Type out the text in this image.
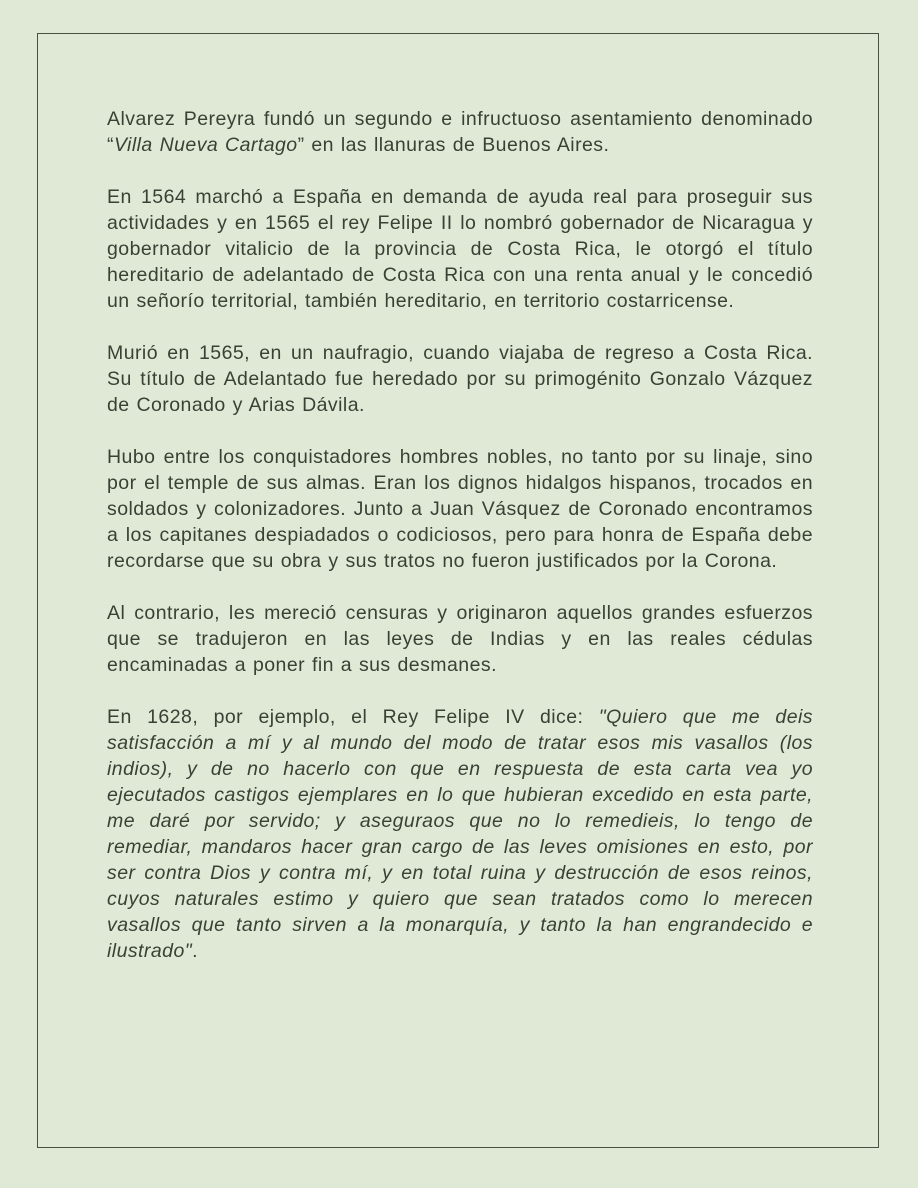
Alvarez Pereyra fundó un segundo e infructuoso asentamiento denominado “Villa Nueva Cartago” en las llanuras de Buenos Aires.

En 1564 marchó a España en demanda de ayuda real para proseguir sus actividades y en 1565 el rey Felipe II lo nombró gobernador de Nicaragua y gobernador vitalicio de la provincia de Costa Rica, le otorgó el título hereditario de adelantado de Costa Rica con una renta anual y le concedió un señorío territorial, también hereditario, en territorio costarricense.

Murió en 1565, en un naufragio, cuando viajaba de regreso a Costa Rica. Su título de Adelantado fue heredado por su primogénito Gonzalo Vázquez de Coronado y Arias Dávila.

Hubo entre los conquistadores hombres nobles, no tanto por su linaje, sino por el temple de sus almas. Eran los dignos hidalgos hispanos, trocados en soldados y colonizadores. Junto a Juan Vásquez de Coronado encontramos a los capitanes despiadados o codiciosos, pero para honra de España debe recordarse que su obra y sus tratos no fueron justificados por la Corona.

Al contrario, les mereció censuras y originaron aquellos grandes esfuerzos que se tradujeron en las leyes de Indias y en las reales cédulas encaminadas a poner fin a sus desmanes.

En 1628, por ejemplo, el Rey Felipe IV dice: "Quiero que me deis satisfacción a mí y al mundo del modo de tratar esos mis vasallos (los indios), y de no hacerlo con que en respuesta de esta carta vea yo ejecutados castigos ejemplares en lo que hubieran excedido en esta parte, me daré por servido; y aseguraos que no lo remedieis, lo tengo de remediar, mandaros hacer gran cargo de las leves omisiones en esto, por ser contra Dios y contra mí, y en total ruina y destrucción de esos reinos, cuyos naturales estimo y quiero que sean tratados como lo merecen vasallos que tanto sirven a la monarquía, y tanto la han engrandecido e ilustrado".
